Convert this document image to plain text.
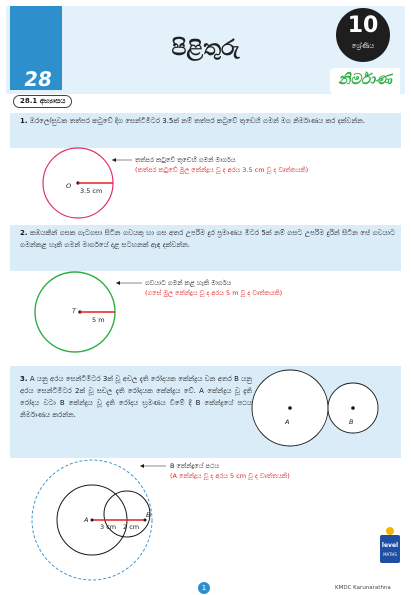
28
පිළිතුරු
10
ශ්‍රේණිය
නිර්මාණ
28.1 අභ්‍යාසය
1. ඔරලෝසුවක තත්පර කටුවේ දිග සෙන්ටිමීටර 3.5ක් නම් තත්පර කටුවේ තුඩෙහි ගමන් මග නිර්මාණය කර දක්වන්න.
O
3.5 cm
තත්පර කටුවේ තුඩෙහි ගමන් මාර්ගය
(තත්පර කටුවේ මුල කේන්ද්‍රය වූ ද අරය 3.5 cm වූ ද වෘත්තයකි)
2. කඹයකින් ගසක ගැටගසා සිටින ගවයකු හා ගස අතර උපරිම දුර ප්‍රමාණය මීටර 5ක් නම් ගසට උපරිම දුරින් සිටින සේ ගවයාට ගමන්කළ හැකි ගමන් මාර්ගයේ දළ සටහනක් ඇඳ දක්වන්න.
T
5 m
ගවයාට ගමන් කළ හැකි මාර්ගය
(ගසේ මුල කේන්ද්‍රය වූ ද අරය 5 m වූ ද වෘත්තයකි)
3. A යනු අරය සෙන්ටිමීටර 3ක් වූ අචල දැති රෝදයක කේන්ද්‍රය වන අතර B යනු අරය සෙන්ටිමීටර 2ක් වූ සචල දැති රෝදයක කේන්ද්‍රය වේ. A කේන්ද්‍රය වූ දැති රෝදය වටා B කේන්ද්‍රය වූ දැති රෝදය භ්‍රමණය වීමේ දී B කේන්ද්‍රයේ පථය නිර්මාණය කරන්න.
A	B
A
B
3 cm 2 cm
B කේන්ද්‍රයේ පථය
(A කේන්ද්‍රය වූ ද අරය 5 cm වූ ද වෘත්තයකි)
level
MATHS
1	KMDC Karunarathna
